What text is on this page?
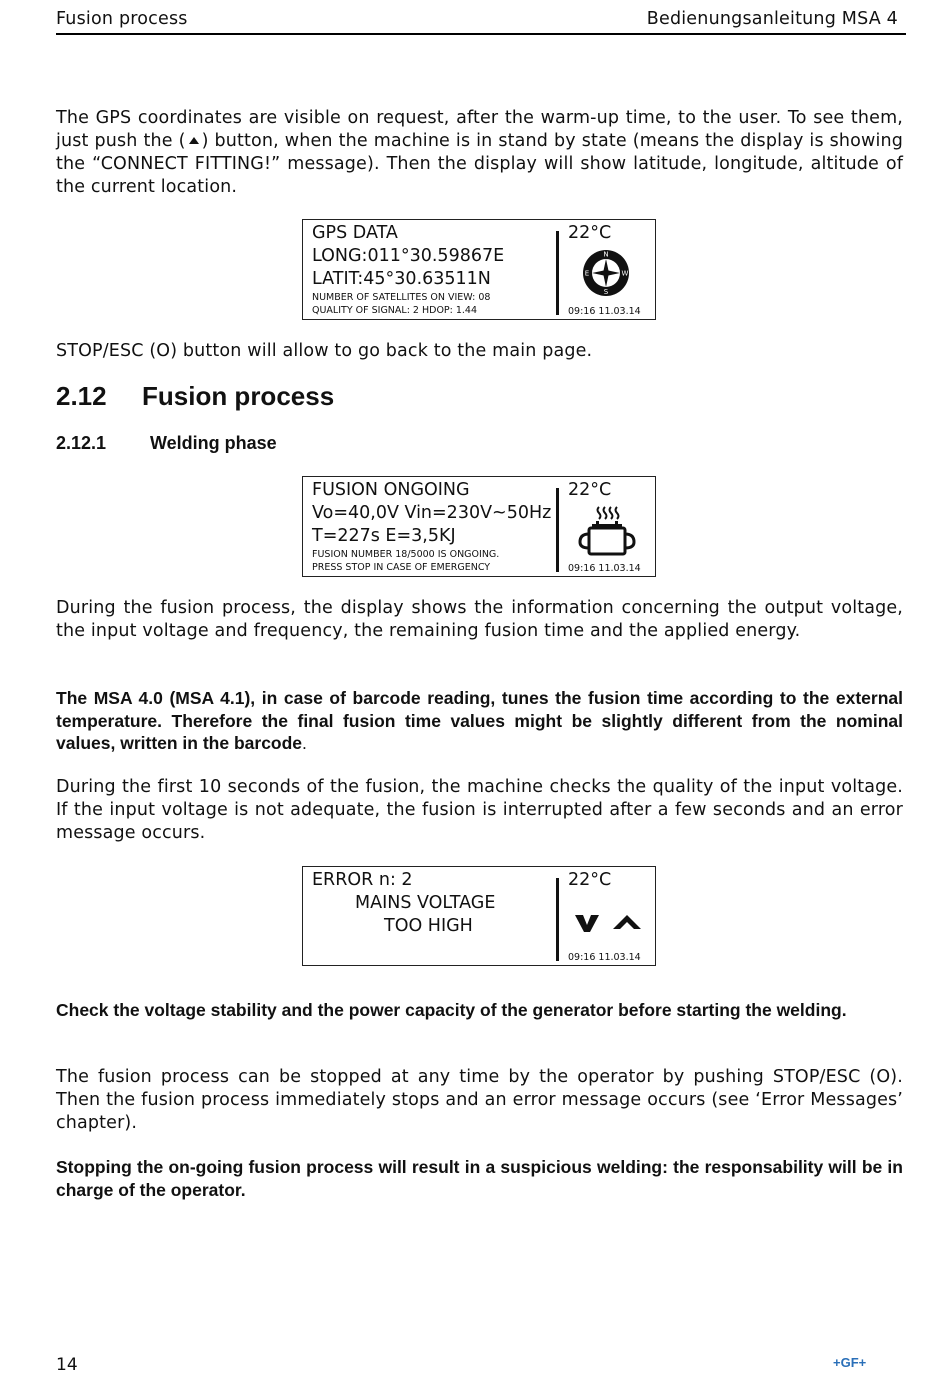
Fusion process	Bedienungsanleitung MSA 4
The GPS coordinates are visible on request, after the warm-up time, to the user. To see them, just push the ( ) button, when the machine is in stand by state (means the display is showing the “CONNECT FITTING!” message). Then the display will show latitude, longitude, altitude of the current location.
GPS DATA
LONG:011°30.59867E
LATIT:45°30.63511N
NUMBER OF SATELLITES ON VIEW: 08
QUALITY OF SIGNAL: 2 HDOP: 1.44
22°C
N
S
E	W
09:16 11.03.14
STOP/ESC (O) button will allow to go back to the main page.
2.12 Fusion process
2.12.1 Welding phase
FUSION ONGOING
Vo=40,0V Vin=230V~50Hz
T=227s E=3,5KJ
FUSION NUMBER 18/5000 IS ONGOING.
PRESS STOP IN CASE OF EMERGENCY
22°C
09:16 11.03.14
During the fusion process, the display shows the information concerning the output voltage, the input voltage and frequency, the remaining fusion time and the applied energy.
The MSA 4.0 (MSA 4.1), in case of barcode reading, tunes the fusion time according to the external temperature. Therefore the final fusion time values might be slightly different from the nominal values, written in the barcode.
During the first 10 seconds of the fusion, the machine checks the quality of the input voltage. If the input voltage is not adequate, the fusion is interrupted after a few seconds and an error message occurs.
ERROR n: 2
MAINS VOLTAGE
TOO HIGH
22°C
09:16 11.03.14
Check the voltage stability and the power capacity of the generator before starting the welding.
The fusion process can be stopped at any time by the operator by pushing STOP/ESC (O). Then the fusion process immediately stops and an error message occurs (see ‘Error Messages’ chapter).
Stopping the on-going fusion process will result in a suspicious welding: the responsability will be in charge of the operator.
14	+GF+
